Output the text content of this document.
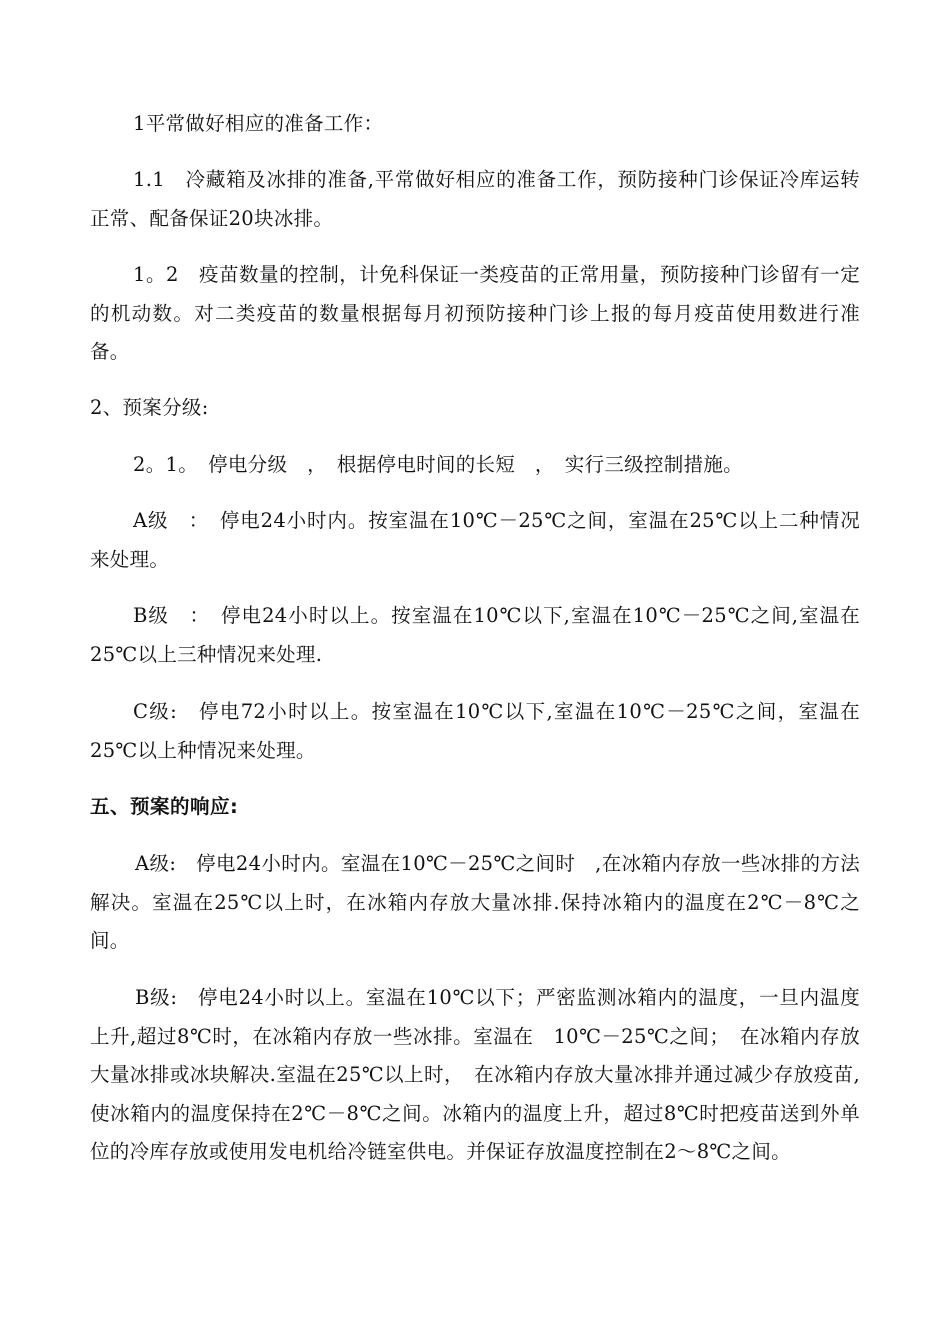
1平常做好相应的准备工作：

1.1　冷藏箱及冰排的准备,平常做好相应的准备工作，预防接种门诊保证冷库运转正常、配备保证20块冰排。

1。2　疫苗数量的控制，计免科保证一类疫苗的正常用量，预防接种门诊留有一定的机动数。对二类疫苗的数量根据每月初预防接种门诊上报的每月疫苗使用数进行准备。

2、预案分级:

2。1。　停电分级　，　根据停电时间的长短　，　实行三级控制措施。

A级　：　停电24小时内。按室温在10℃－25℃之间，室温在25℃以上二种情况来处理。

B级　：　停电24小时以上。按室温在10℃以下,室温在10℃－25℃之间,室温在25℃以上三种情况来处理.

C级:　停电72小时以上。按室温在10℃以下,室温在10℃－25℃之间，室温在25℃以上种情况来处理。

五、预案的响应:

A级:　停电24小时内。室温在10℃－25℃之间时　,在冰箱内存放一些冰排的方法解决。室温在25℃以上时，在冰箱内存放大量冰排.保持冰箱内的温度在2℃－8℃之间。

B级:　停电24小时以上。室温在10℃以下；严密监测冰箱内的温度，一旦内温度上升,超过8℃时，在冰箱内存放一些冰排。室温在　10℃－25℃之间；　在冰箱内存放大量冰排或冰块解决.室温在25℃以上时，　在冰箱内存放大量冰排并通过减少存放疫苗,使冰箱内的温度保持在2℃－8℃之间。冰箱内的温度上升，超过8℃时把疫苗送到外单位的冷库存放或使用发电机给冷链室供电。并保证存放温度控制在2～8℃之间。
